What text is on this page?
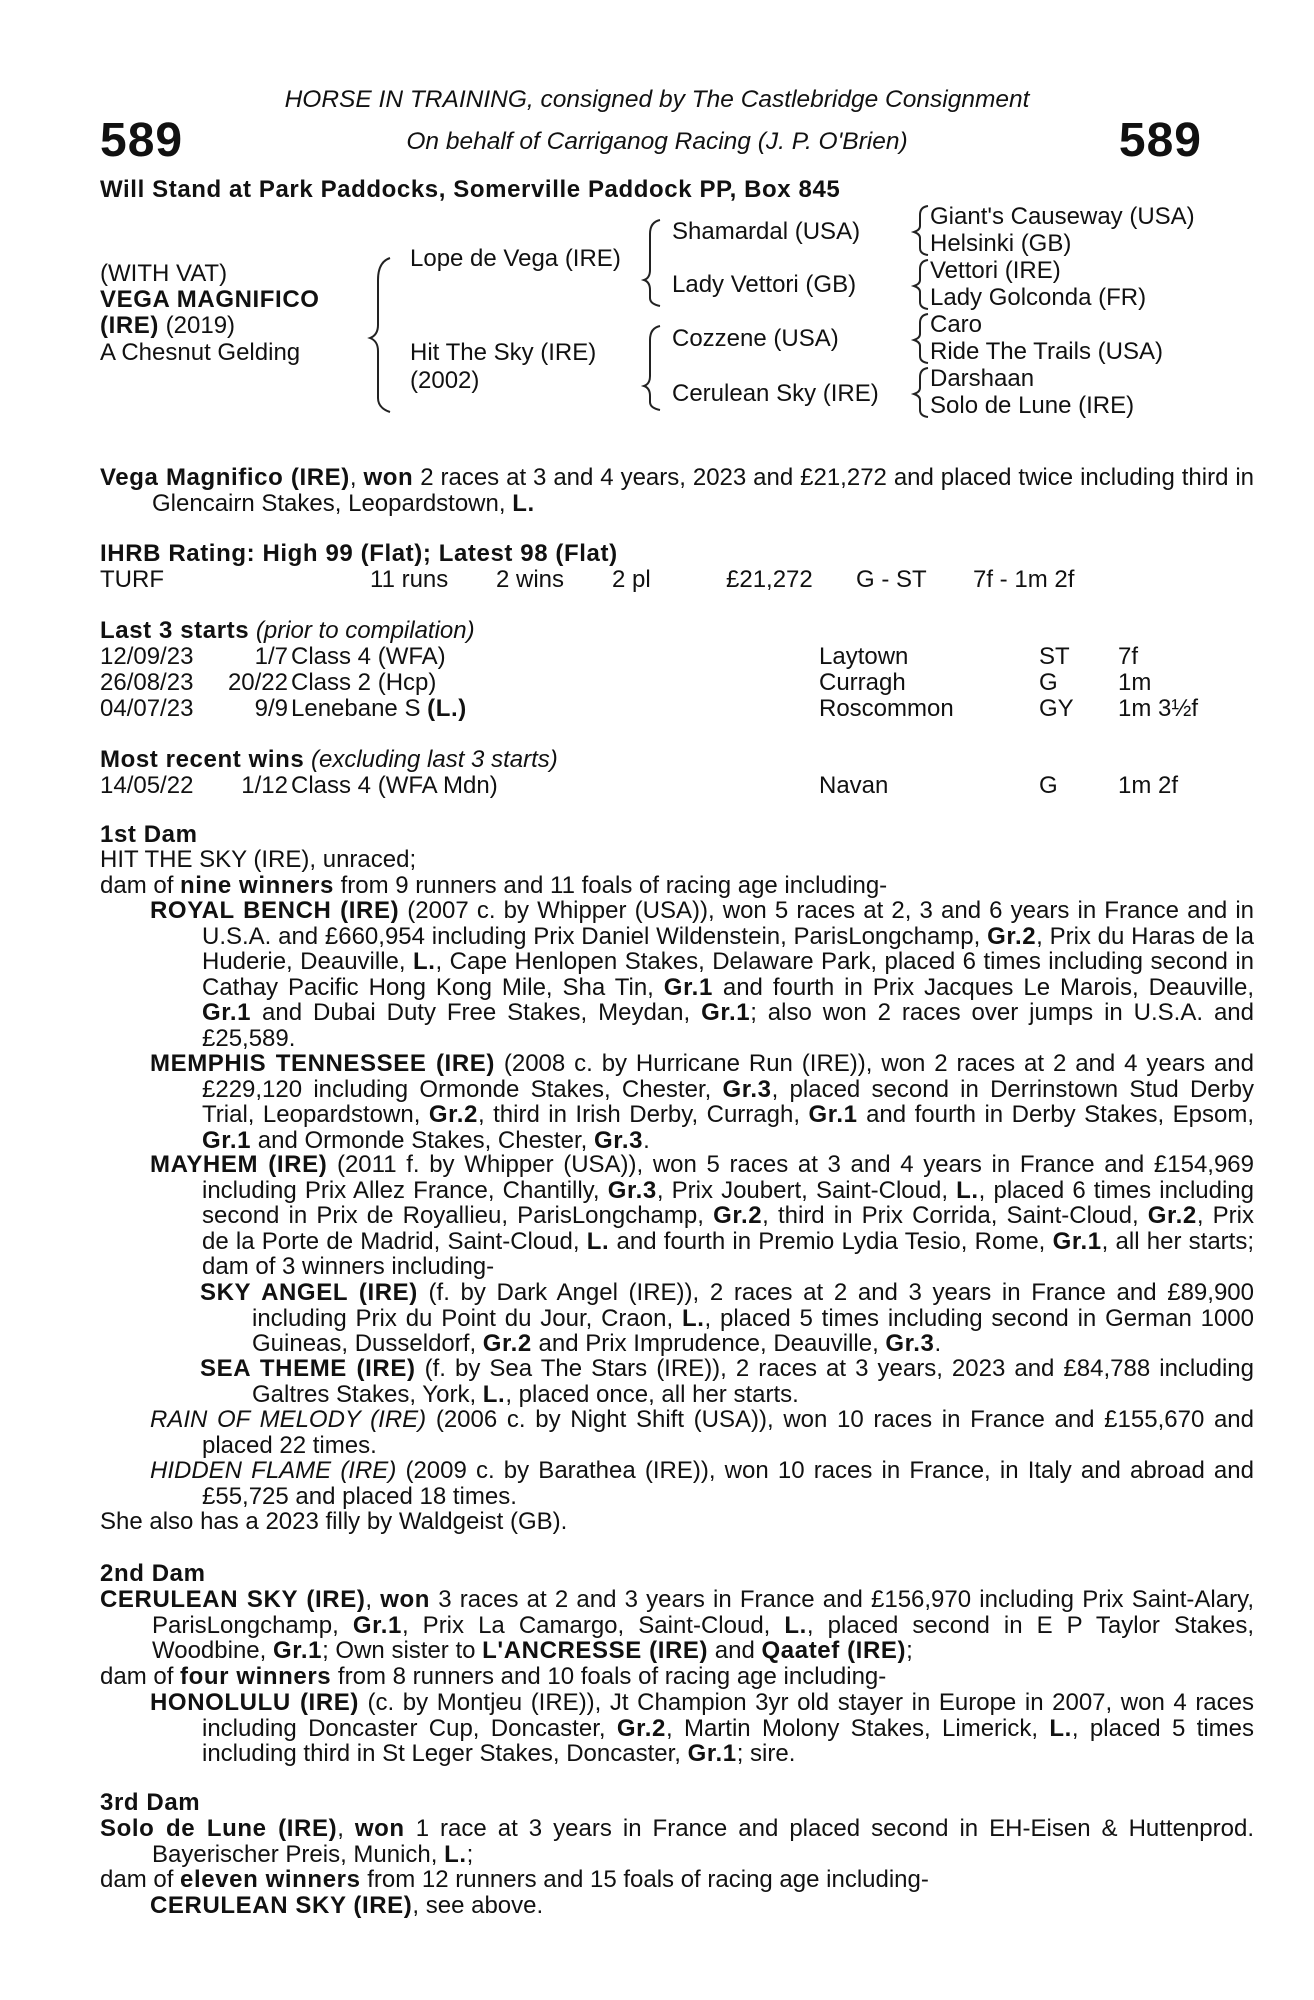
589	589
HORSE IN TRAINING, consigned by The Castlebridge Consignment
On behalf of Carriganog Racing (J. P. O'Brien)
Will Stand at Park Paddocks, Somerville Paddock PP, Box 845
(WITH VAT)
VEGA MAGNIFICO
(IRE) (2019)
A Chesnut Gelding
Lope de Vega (IRE)
Hit The Sky (IRE)
(2002)
Shamardal (USA)
Lady Vettori (GB)
Cozzene (USA)
Cerulean Sky (IRE)
Giant's Causeway (USA)
Helsinki (GB)
Vettori (IRE)
Lady Golconda (FR)
Caro
Ride The Trails (USA)
Darshaan
Solo de Lune (IRE)
Vega Magnifico (IRE), won 2 races at 3 and 4 years, 2023 and £21,272 and placed twice including third in Glencairn Stakes, Leopardstown, L.
IHRB Rating: High 99 (Flat); Latest 98 (Flat)
TURF	11 runs 2 wins 2 pl	£21,272 G - ST 7f - 1m 2f
Last 3 starts (prior to compilation)
12/09/23	1/7 Class 4 (WFA)	Laytown	ST 7f
26/08/23 20/22 Class 2 (Hcp)	Curragh	G	1m
04/07/23	9/9 Lenebane S (L.)	Roscommon	GY 1m 3½f
Most recent wins (excluding last 3 starts)
14/05/22 1/12 Class 4 (WFA Mdn)	Navan	G	1m 2f
1st Dam
HIT THE SKY (IRE), unraced;
dam of nine winners from 9 runners and 11 foals of racing age including-
ROYAL BENCH (IRE) (2007 c. by Whipper (USA)), won 5 races at 2, 3 and 6 years in France and in U.S.A. and £660,954 including Prix Daniel Wildenstein, ParisLongchamp, Gr.2, Prix du Haras de la Huderie, Deauville, L., Cape Henlopen Stakes, Delaware Park, placed 6 times including second in Cathay Pacific Hong Kong Mile, Sha Tin, Gr.1 and fourth in Prix Jacques Le Marois, Deauville, Gr.1 and Dubai Duty Free Stakes, Meydan, Gr.1; also won 2 races over jumps in U.S.A. and £25,589.
MEMPHIS TENNESSEE (IRE) (2008 c. by Hurricane Run (IRE)), won 2 races at 2 and 4 years and £229,120 including Ormonde Stakes, Chester, Gr.3, placed second in Derrinstown Stud Derby Trial, Leopardstown, Gr.2, third in Irish Derby, Curragh, Gr.1 and fourth in Derby Stakes, Epsom, Gr.1 and Ormonde Stakes, Chester, Gr.3.
MAYHEM (IRE) (2011 f. by Whipper (USA)), won 5 races at 3 and 4 years in France and £154,969 including Prix Allez France, Chantilly, Gr.3, Prix Joubert, Saint-Cloud, L., placed 6 times including second in Prix de Royallieu, ParisLongchamp, Gr.2, third in Prix Corrida, Saint-Cloud, Gr.2, Prix de la Porte de Madrid, Saint-Cloud, L. and fourth in Premio Lydia Tesio, Rome, Gr.1, all her starts; dam of 3 winners including-
SKY ANGEL (IRE) (f. by Dark Angel (IRE)), 2 races at 2 and 3 years in France and £89,900 including Prix du Point du Jour, Craon, L., placed 5 times including second in German 1000 Guineas, Dusseldorf, Gr.2 and Prix Imprudence, Deauville, Gr.3.
SEA THEME (IRE) (f. by Sea The Stars (IRE)), 2 races at 3 years, 2023 and £84,788 including Galtres Stakes, York, L., placed once, all her starts.
RAIN OF MELODY (IRE) (2006 c. by Night Shift (USA)), won 10 races in France and £155,670 and placed 22 times.
HIDDEN FLAME (IRE) (2009 c. by Barathea (IRE)), won 10 races in France, in Italy and abroad and £55,725 and placed 18 times.
She also has a 2023 filly by Waldgeist (GB).
2nd Dam
CERULEAN SKY (IRE), won 3 races at 2 and 3 years in France and £156,970 including Prix Saint-Alary, ParisLongchamp, Gr.1, Prix La Camargo, Saint-Cloud, L., placed second in E P Taylor Stakes, Woodbine, Gr.1; Own sister to L'ANCRESSE (IRE) and Qaatef (IRE);
dam of four winners from 8 runners and 10 foals of racing age including-
HONOLULU (IRE) (c. by Montjeu (IRE)), Jt Champion 3yr old stayer in Europe in 2007, won 4 races including Doncaster Cup, Doncaster, Gr.2, Martin Molony Stakes, Limerick, L., placed 5 times including third in St Leger Stakes, Doncaster, Gr.1; sire.
3rd Dam
Solo de Lune (IRE), won 1 race at 3 years in France and placed second in EH-Eisen & Huttenprod. Bayerischer Preis, Munich, L.;
dam of eleven winners from 12 runners and 15 foals of racing age including-
CERULEAN SKY (IRE), see above.
